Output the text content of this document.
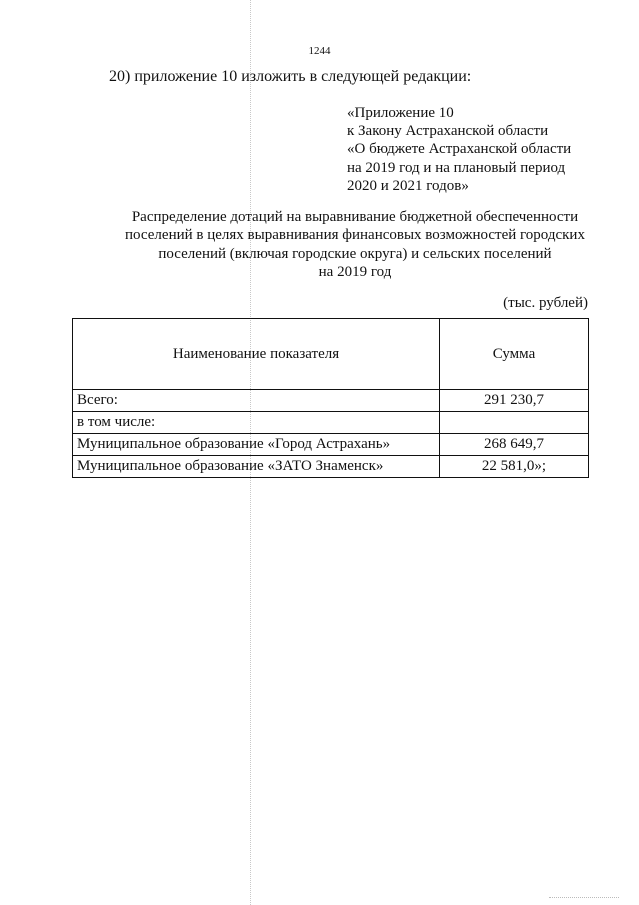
1244
20) приложение 10 изложить в следующей редакции:
«Приложение 10
к Закону Астраханской области
«О бюджете Астраханской области
на 2019 год и на плановый период
2020 и 2021 годов»
Распределение дотаций на выравнивание бюджетной обеспеченности
поселений в целях выравнивания финансовых возможностей городских
поселений (включая городские округа) и сельских поселений
на 2019 год
(тыс. рублей)
Наименование показателя	Сумма
Всего:	291 230,7
в том числе:	
Муниципальное образование «Город Астрахань»	268 649,7
Муниципальное образование «ЗАТО Знаменск»	22 581,0»;
